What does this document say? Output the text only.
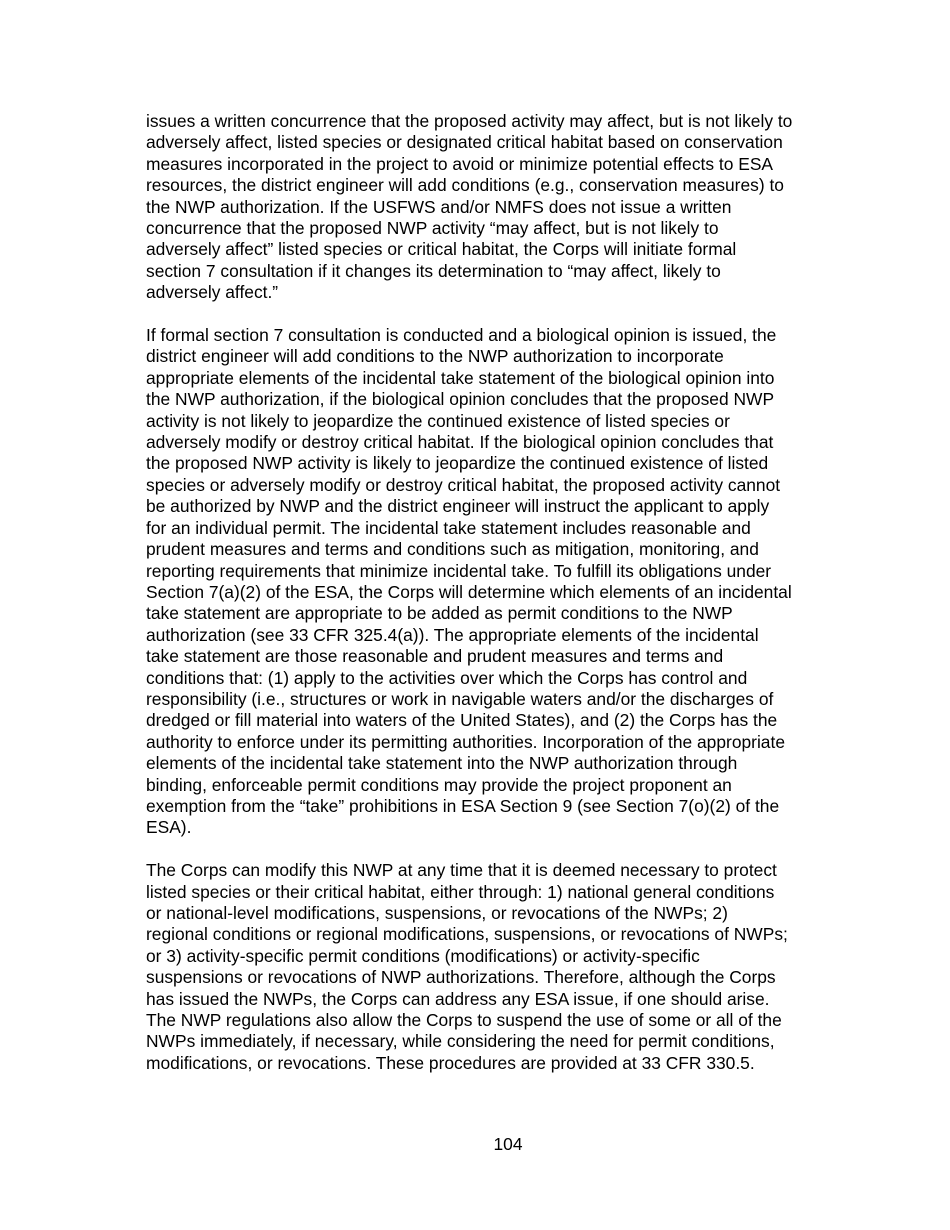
issues a written concurrence that the proposed activity may affect, but is not likely to
adversely affect, listed species or designated critical habitat based on conservation
measures incorporated in the project to avoid or minimize potential effects to ESA
resources, the district engineer will add conditions (e.g., conservation measures) to
the NWP authorization. If the USFWS and/or NMFS does not issue a written
concurrence that the proposed NWP activity “may affect, but is not likely to
adversely affect” listed species or critical habitat, the Corps will initiate formal
section 7 consultation if it changes its determination to “may affect, likely to
adversely affect.”

If formal section 7 consultation is conducted and a biological opinion is issued, the
district engineer will add conditions to the NWP authorization to incorporate
appropriate elements of the incidental take statement of the biological opinion into
the NWP authorization, if the biological opinion concludes that the proposed NWP
activity is not likely to jeopardize the continued existence of listed species or
adversely modify or destroy critical habitat. If the biological opinion concludes that
the proposed NWP activity is likely to jeopardize the continued existence of listed
species or adversely modify or destroy critical habitat, the proposed activity cannot
be authorized by NWP and the district engineer will instruct the applicant to apply
for an individual permit. The incidental take statement includes reasonable and
prudent measures and terms and conditions such as mitigation, monitoring, and
reporting requirements that minimize incidental take. To fulfill its obligations under
Section 7(a)(2) of the ESA, the Corps will determine which elements of an incidental
take statement are appropriate to be added as permit conditions to the NWP
authorization (see 33 CFR 325.4(a)). The appropriate elements of the incidental
take statement are those reasonable and prudent measures and terms and
conditions that: (1) apply to the activities over which the Corps has control and
responsibility (i.e., structures or work in navigable waters and/or the discharges of
dredged or fill material into waters of the United States), and (2) the Corps has the
authority to enforce under its permitting authorities. Incorporation of the appropriate
elements of the incidental take statement into the NWP authorization through
binding, enforceable permit conditions may provide the project proponent an
exemption from the “take” prohibitions in ESA Section 9 (see Section 7(o)(2) of the
ESA).

The Corps can modify this NWP at any time that it is deemed necessary to protect
listed species or their critical habitat, either through: 1) national general conditions
or national-level modifications, suspensions, or revocations of the NWPs; 2)
regional conditions or regional modifications, suspensions, or revocations of NWPs;
or 3) activity-specific permit conditions (modifications) or activity-specific
suspensions or revocations of NWP authorizations. Therefore, although the Corps
has issued the NWPs, the Corps can address any ESA issue, if one should arise.
The NWP regulations also allow the Corps to suspend the use of some or all of the
NWPs immediately, if necessary, while considering the need for permit conditions,
modifications, or revocations. These procedures are provided at 33 CFR 330.5.

104
